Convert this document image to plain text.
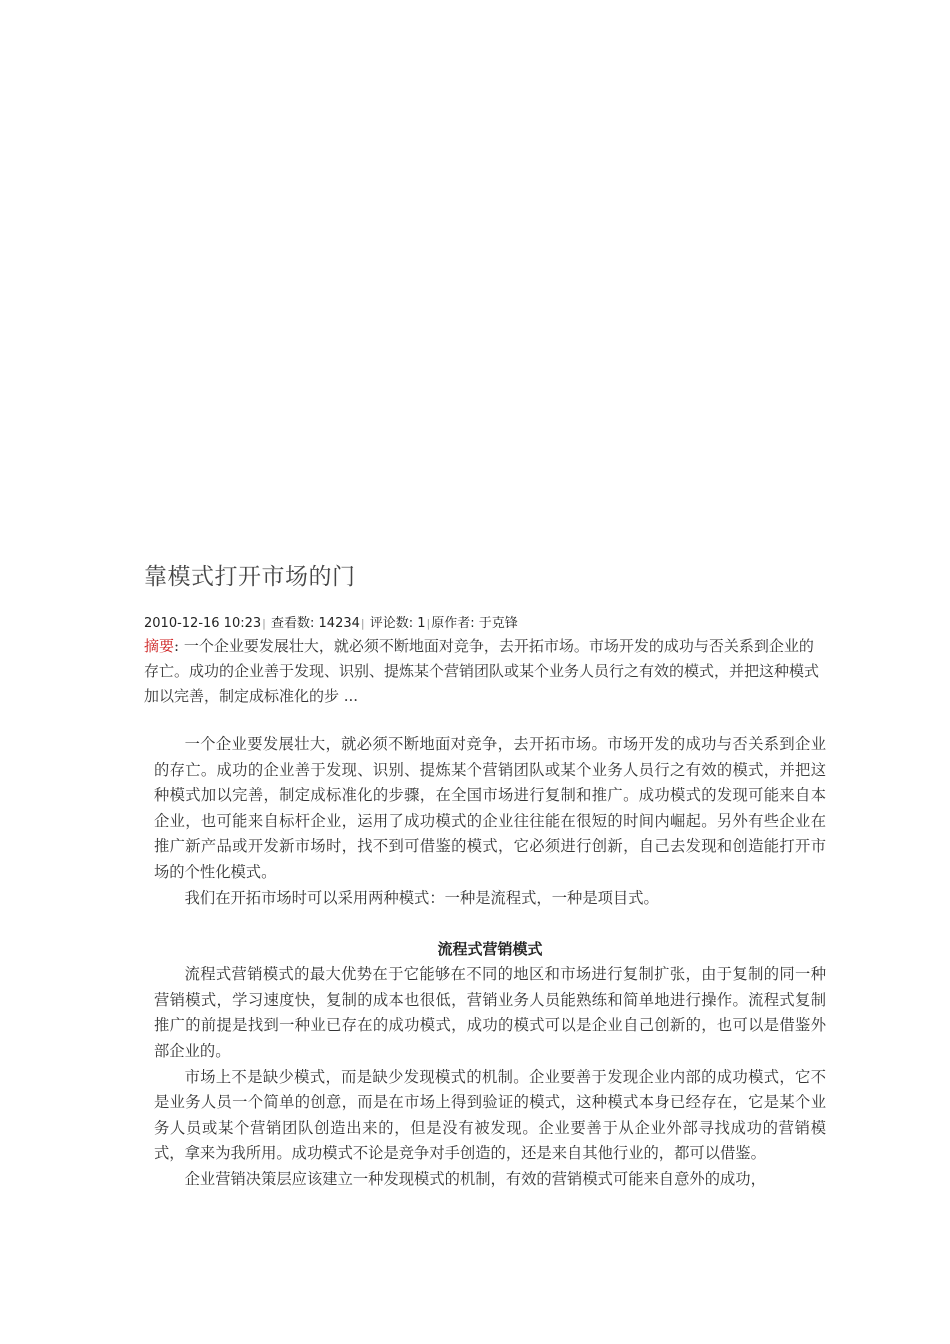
靠模式打开市场的门
2010-12-16 10:23| 查看数: 14234| 评论数: 1|原作者: 于克锋
摘要: 一个企业要发展壮大，就必须不断地面对竞争，去开拓市场。市场开发的成功与否关系到企业的存亡。成功的企业善于发现、识别、提炼某个营销团队或某个业务人员行之有效的模式，并把这种模式加以完善，制定成标准化的步 ...

一个企业要发展壮大，就必须不断地面对竞争，去开拓市场。市场开发的成功与否关系到企业的存亡。成功的企业善于发现、识别、提炼某个营销团队或某个业务人员行之有效的模式，并把这种模式加以完善，制定成标准化的步骤，在全国市场进行复制和推广。成功模式的发现可能来自本企业，也可能来自标杆企业，运用了成功模式的企业往往能在很短的时间内崛起。另外有些企业在推广新产品或开发新市场时，找不到可借鉴的模式，它必须进行创新，自己去发现和创造能打开市场的个性化模式。

我们在开拓市场时可以采用两种模式：一种是流程式，一种是项目式。

流程式营销模式

流程式营销模式的最大优势在于它能够在不同的地区和市场进行复制扩张，由于复制的同一种营销模式，学习速度快，复制的成本也很低，营销业务人员能熟练和简单地进行操作。流程式复制推广的前提是找到一种业已存在的成功模式，成功的模式可以是企业自己创新的，也可以是借鉴外部企业的。

市场上不是缺少模式，而是缺少发现模式的机制。企业要善于发现企业内部的成功模式，它不是业务人员一个简单的创意，而是在市场上得到验证的模式，这种模式本身已经存在，它是某个业务人员或某个营销团队创造出来的，但是没有被发现。企业要善于从企业外部寻找成功的营销模式，拿来为我所用。成功模式不论是竞争对手创造的，还是来自其他行业的，都可以借鉴。

企业营销决策层应该建立一种发现模式的机制，有效的营销模式可能来自意外的成功，
